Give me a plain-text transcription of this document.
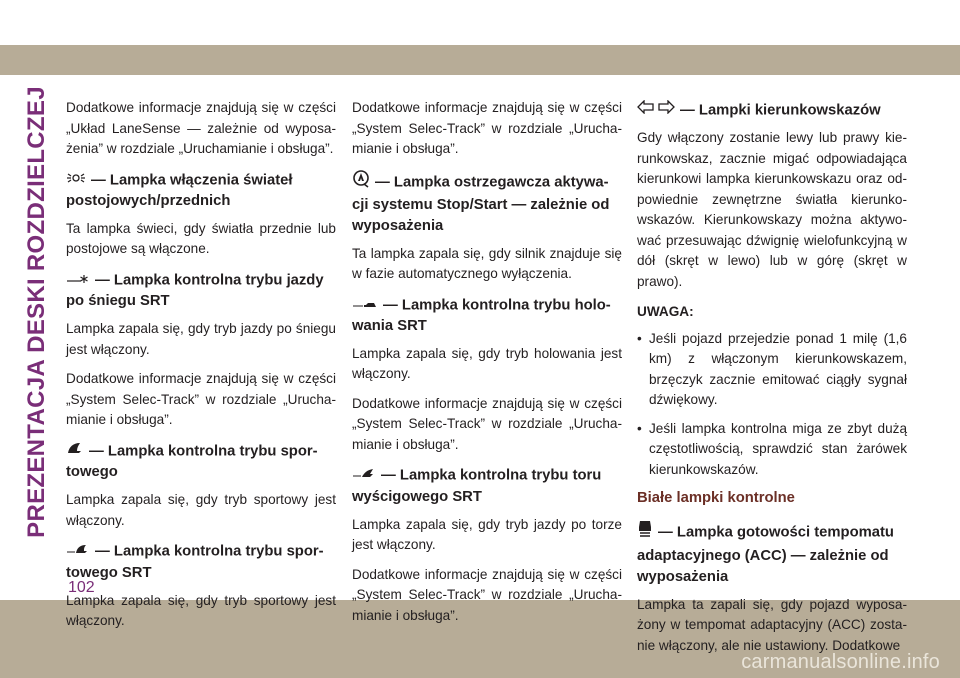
PREZENTACJA DESKI ROZDZIELCZEJ
102
carmanualsonline.info

Dodatkowe informacje znajdują się w części „Układ LaneSense — zależnie od wyposa-żenia” w rozdziale „Uruchamianie i obsługa”.

— Lampka włączenia świateł postojowych/przednich

Ta lampka świeci, gdy światła przednie lub postojowe są włączone.

— Lampka kontrolna trybu jazdy po śniegu SRT

Lampka zapala się, gdy tryb jazdy po śniegu jest włączony.

Dodatkowe informacje znajdują się w części „System Selec-Track” w rozdziale „Urucha-mianie i obsługa”.

— Lampka kontrolna trybu spor-towego

Lampka zapala się, gdy tryb sportowy jest włączony.

— Lampka kontrolna trybu spor-towego SRT

Lampka zapala się, gdy tryb sportowy jest włączony.

Dodatkowe informacje znajdują się w części „System Selec-Track” w rozdziale „Urucha-mianie i obsługa”.

— Lampka ostrzegawcza aktywa-cji systemu Stop/Start — zależnie od wyposażenia

Ta lampka zapala się, gdy silnik znajduje się w fazie automatycznego wyłączenia.

— Lampka kontrolna trybu holo-wania SRT

Lampka zapala się, gdy tryb holowania jest włączony.

Dodatkowe informacje znajdują się w części „System Selec-Track” w rozdziale „Urucha-mianie i obsługa”.

— Lampka kontrolna trybu toru wyścigowego SRT

Lampka zapala się, gdy tryb jazdy po torze jest włączony.

Dodatkowe informacje znajdują się w części „System Selec-Track” w rozdziale „Urucha-mianie i obsługa”.

— Lampki kierunkowskazów

Gdy włączony zostanie lewy lub prawy kie-runkowskaz, zacznie migać odpowiadająca kierunkowi lampka kierunkowskazu oraz od-powiednie zewnętrzne światła kierunko-wskazów. Kierunkowskazy można aktywo-wać przesuwając dźwignię wielofunkcyjną w dół (skręt w lewo) lub w górę (skręt w prawo).

UWAGA:
• Jeśli pojazd przejedzie ponad 1 milę (1,6 km) z włączonym kierunkowskazem, brzęczyk zacznie emitować ciągły sygnał dźwiękowy.
• Jeśli lampka kontrolna miga ze zbyt dużą częstotliwością, sprawdzić stan żarówek kierunkowskazów.
Białe lampki kontrolne
— Lampka gotowości tempomatu adaptacyjnego (ACC) — zależnie od wyposażenia

Lampka ta zapali się, gdy pojazd wyposa-żony w tempomat adaptacyjny (ACC) zosta-nie włączony, ale nie ustawiony. Dodatkowe
